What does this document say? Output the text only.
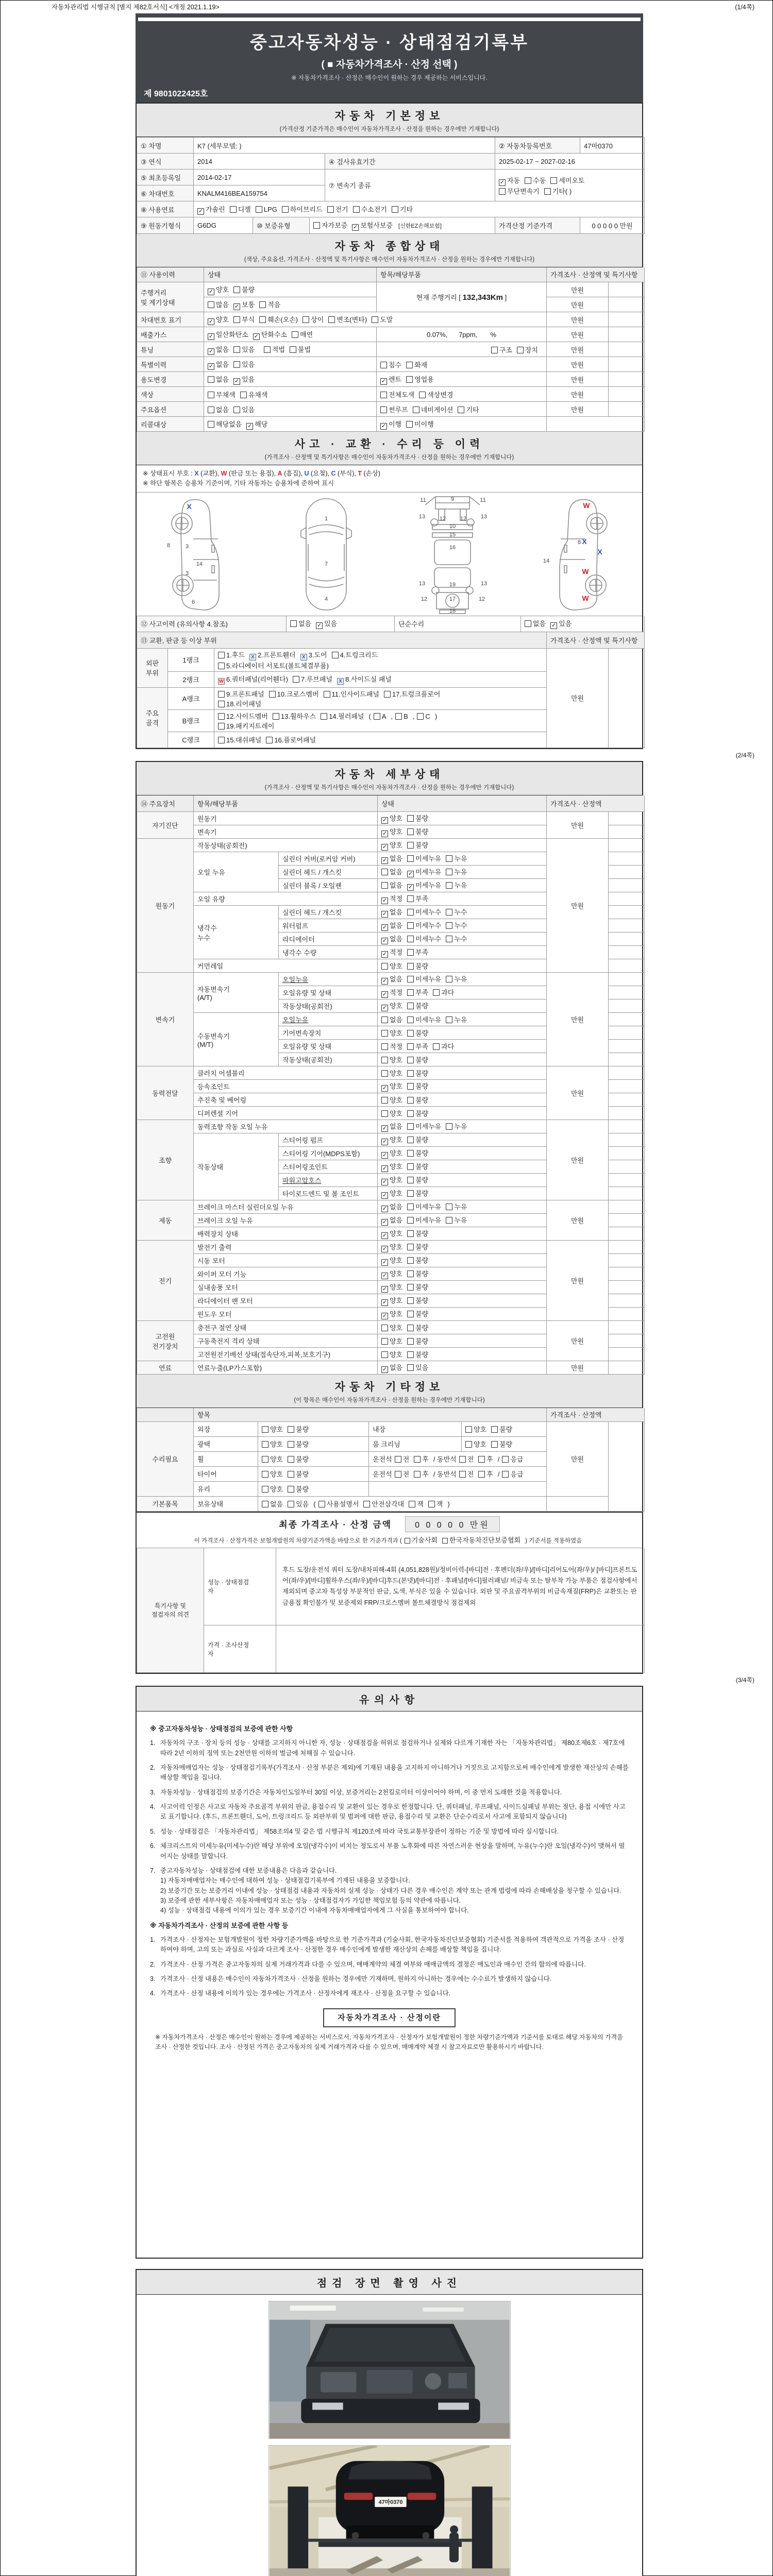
자동차관리법 시행규칙 [별지 제82호서식] <개정 2021.1.19>	(1/4쪽)
중고자동차성능 · 상태점검기록부
( ■ 자동차가격조사 · 산정 선택 )
※ 자동차가격조사 · 산정은 매수인이 원하는 경우 제공하는 서비스입니다.
제 9801022425호
자동차 기본정보
(가격산정 기준가격은 매수인이 자동차가격조사 · 산정을 원하는 경우에만 기재합니다)
① 차명	K7 (세부모델: )		② 자동차등록번호	47마0370
③ 연식	2014	④ 검사유효기간	2025-02-17 ~ 2027-02-16	
⑤ 최초등록일	2014-02-17	⑦ 변속기 종류	✓자동 수동 세미오토
무단변속기 기타( )
⑥ 차대번호	KNALM416BEA159754			
⑧ 사용연료	✓가솔린 디젤 LPG 하이브리드 전기 수소전기 기타
⑨ 원동기형식	G6DG	⑩ 보증유형	자가보증 ✓ 보험사보증 [신한EZ손해보험]	가격산정 기준가격	0 0 0 0 0 만원
자동차 종합상태
(색상, 주요옵션, 가격조사 · 산정액 및 특기사항은 매수인이 자동차가격조사 · 산정을 원하는 경우에만 기재합니다)
⑪ 사용이력	상태	항목/해당부품	가격조사 · 산정액 및 특기사항	
주행거리
및 계기상태	✓양호 불량	현재 주행거리 [ 132,343Km ]	만원	
	많음 ✓ 보통 적음		만원	
차대번호 표기	✓양호 부식 훼손(오손) 상이 변조(변타) 도말		만원	
배출가스	✓일산화탄소 ✓ 탄화수소 매연	0.07%,      7ppm,       %	만원	
튜닝	✓없음 있음 적법 불법	구조 장치	만원	
특별이력	✓없음 있음	침수 화재	만원	
용도변경	없음 ✓ 있음	✓렌트 영업용	만원	
색상	무채색 유채색	전체도색 색상변경	만원	
주요옵션	없음 있음	썬루프 네비게이션 기타	만원	
리콜대상	해당없음 ✓ 해당	✓이행 미이행	
사고 · 교환 · 수리 등 이력
(가격조사 · 산정액 및 특기사항은 매수인이 자동차가격조사 · 산정을 원하는 경우에만 기재합니다)
※ 상태표시 부호 : X (교환), W (판금 또는 용접), A (흠집), U (요철), C (부식), T (손상)
※ 하단 항목은 승용차 기준이며, 기타 자동차는 승용차에 준하여 표시
8	3
14
3
6
X
1
7
4
11	9	11
13	12	12	13
10
15
16
13	19	13
12	17	12
18
8
14
W
X
X
W
W
⑫ 사고이력 (유의사항 4.참조)	없음 ✓ 있음	단순수리	없음 ✓ 있음
⑬ 교환, 판금 등 이상 부위			가격조사 · 산정액 및 특기사항	
외판
부위	1랭크	1.후드 X 2.프론트휀더 X 3.도어 4.트렁크리드
5.라디에이터 서포트(볼트체결부품)	만원	
	2랭크	W 6.쿼터패널(리어휀다) 7.루브패널 X 8.사이드실 패널		
주요
골격	A랭크	9.프론트패널 10.크로스멤버 11.인사이드패널 17.트렁크플로어
18.리어패널		
	B랭크	12.사이드멤버 13.휠하우스 14.필러패널 ( A , B , C )
19.패키지트레이		
	C랭크	15.대쉬패널 16.플로어패널		
(2/4쪽)
자동차 세부상태
(가격조사 · 산정액 및 특기사항은 매수인이 자동차가격조사 · 산정을 원하는 경우에만 기재합니다)
⑭ 주요장치	항목/해당부품		상태	가격조사 · 산정액	
자기진단	원동기	✓양호 불량	만원	
	변속기	✓양호 불량	
원동기	작동상태(공회전)	✓양호 불량	만원	
	오일 누유	실린더 커버(로커암 커버)	✓없음 미세누유 누유	
		실린더 헤드 / 개스킷	없음 ✓ 미세누유 누유	
		실린더 블록 / 오일팬	없음 ✓ 미세누유 누유	
	오일 유량	✓적정 부족	
	냉각수
누수	실린더 헤드 / 개스킷	✓없음 미세누수 누수	
		워터펌프	✓없음 미세누수 누수	
		라디에이터	✓없음 미세누수 누수	
		냉각수 수량	✓적정 부족	
	커먼레일		양호 불량		
변속기	자동변속기
(A/T)	오일누유	✓없음 미세누유 누유	만원	
		오일유량 및 상태	✓적정 부족 과다	
		작동상태(공회전)	✓양호 불량	
	수동변속기
(M/T)	오일누유	없음 미세누유 누유		
		기어변속장치	양호 불량		
		오일유량 및 상태	적정 부족 과다		
		작동상태(공회전)	양호 불량		
동력전달	클러치 어셈블리		양호 불량	만원	
	등속조인트	✓양호 불량	
	추진축 및 베어링		양호 불량		
	디퍼렌셜 기어		양호 불량		
조향	동력조향 작동 오일 누유	✓없음 미세누유 누유	만원	
	작동상태	스티어링 펌프	✓양호 불량	
		스티어링 기어(MDPS포함)	✓양호 불량	
		스티어링조인트	✓양호 불량	
		파워고압호스	✓양호 불량	
		타이로드엔드 및 볼 조인트	✓양호 불량	
제동	브레이크 마스터 실린더오일 누유	✓없음 미세누유 누유	만원	
	브레이크 오일 누유	✓없음 미세누유 누유	
	배력장치 상태	✓양호 불량	
전기	발전기 출력	✓양호 불량	만원	
	시동 모터	✓양호 불량	
	와이퍼 모터 기능	✓양호 불량	
	실내송풍 모터	✓양호 불량	
	라디에이터 팬 모터	✓양호 불량	
	윈도우 모터	✓양호 불량	
고전원
전기장치	충전구 절연 상태		양호 불량	만원	
	구동축전지 격리 상태		양호 불량		
	고전원전기배선 상태(접속단자,피복,보호기구)		양호 불량		
연료	연료누출(LP가스포함)	✓없음 있음	만원	
자동차 기타정보
(이 항목은 매수인이 자동차가격조사 · 산정을 원하는 경우에만 기재합니다)
	항목				가격조사 · 산정액	
수리필요	외장	양호 불량	내장	양호 불량	만원	
	광택	양호 불량	룸 크리닝	양호 불량		
	휠	양호 불량	운전석 전 후 / 동반석 전 후 / 응급			
	타이어	양호 불량	운전석 전 후 / 동반석 전 후 / 응급			
	유리	양호 불량				
기본품목	보유상태	없음 있음 ( 사용설명서 안전삼각대 잭 잭 )				
최종 가격조사 · 산정 금액	0 0 0 0 0 만원
이 가격조사 · 산정가격은 보험개발원의 차량기준가액을 바탕으로 한 기준가격과 ( 기술사회 한국자동차진단보증협회 ) 기준서를 적용하였음
특기사항 및
점검자의 의견	성능 · 상태점검
자	후드 도장/운전석 쿼터 도장/내차피해-4회 (4,051,828원)/정비이력-[바디]전 · 후펜더(좌/우)/[바디]리어도어(좌/우)/ [바디]프론트도어(좌/우)/[바디]휠하우스(좌/우)/[바디]후드(본넷)/[바디]전 · 후패널/[바디]필러패널/ 비금속 또는 탈부착 가능 부품은 점검사항에서 제외되며 중고차 특성상 부분적인 판금, 도색, 부식은 있을 수 있습니다. 외판 및 주요골격부위의 비금속재질(FRP)은 교환또는 판금용접 확인불가 및 보증제외 FRP/크로스멤버 볼트체결방식 점검제외
	가격 · 조사산정
자	
(3/4쪽)
유의사항
※ 중고자동차성능 · 상태점검의 보증에 관한 사항
1. 자동차의 구조 · 장치 등의 성능 · 상태를 고지하지 아니한 자, 성능 · 상태점검을 허위로 점검하거나 실제와 다르게 기재한 자는 「자동차관리법」 제80조제6호 · 제7호에 따라 2년 이하의 징역 또는 2천만원 이하의 벌금에 처해질 수 있습니다.
2. 자동차매매업자는 성능 · 상태점검기록부(가격조사 · 산정 부분은 제외)에 기재된 내용을 고지하지 아니하거나 거짓으로 고지함으로써 매수인에게 발생한 재산상의 손해를 배상할 책임을 집니다.
3. 자동차성능 · 상태점검의 보증기간은 자동차인도일부터 30일 이상, 보증거리는 2천킬로미터 이상이어야 하며, 이 중 먼저 도래한 것을 적용합니다.
4. 사고이력 인정은 사고로 자동차 주요골격 부위의 판금, 용접수리 및 교환이 있는 경우로 한정합니다. 단, 쿼터패널, 루프패널, 사이드실패널 부위는 절단, 용접 시에만 사고로 표기합니다. (후드, 프론트휀더, 도어, 트렁크리드 등 외판부위 및 범퍼에 대한 판금, 용접수리 및 교환은 단순수리로서 사고에 포함되지 않습니다)
5. 성능 · 상태점검은 「자동차관리법」 제58조의4 및 같은 법 시행규칙 제120조에 따라 국토교통부장관이 정하는 기준 및 방법에 따라 실시합니다.
6. 체크리스트의 미세누유(미세누수)란 해당 부위에 오일(냉각수)이 비치는 정도로서 부품 노후화에 따른 자연스러운 현상을 말하며, 누유(누수)란 오일(냉각수)이 맺혀서 떨어지는 상태를 말합니다.
7. 중고자동차성능 · 상태점검에 대한 보증내용은 다음과 같습니다.
1) 자동차매매업자는 매수인에 대하여 성능 · 상태점검기록부에 기재된 내용을 보증합니다.
2) 보증기간 또는 보증거리 이내에 성능 · 상태점검 내용과 자동차의 실제 성능 · 상태가 다른 경우 매수인은 계약 또는 관계 법령에 따라 손해배상을 청구할 수 있습니다.
3) 보증에 관한 세부사항은 자동차매매업자 또는 성능 · 상태점검자가 가입한 책임보험 등의 약관에 따릅니다.
4) 성능 · 상태점검 내용에 이의가 있는 경우 보증기간 이내에 자동차매매업자에게 그 사실을 통보하여야 합니다.
※ 자동차가격조사 · 산정의 보증에 관한 사항 등
1. 가격조사 · 산정자는 보험개발원이 정한 차량기준가액을 바탕으로 한 기준가격과 (기술사회, 한국자동차진단보증협회) 기준서를 적용하여 객관적으로 가격을 조사 · 산정하여야 하며, 고의 또는 과실로 사실과 다르게 조사 · 산정한 경우 매수인에게 발생한 재산상의 손해를 배상할 책임을 집니다.
2. 가격조사 · 산정 가격은 중고자동차의 실제 거래가격과 다를 수 있으며, 매매계약의 체결 여부와 매매금액의 결정은 매도인과 매수인 간의 합의에 따릅니다.
3. 가격조사 · 산정 내용은 매수인이 자동차가격조사 · 산정을 원하는 경우에만 기재하며, 원하지 아니하는 경우에는 수수료가 발생하지 않습니다.
4. 가격조사 · 산정 내용에 이의가 있는 경우에는 가격조사 · 산정자에게 재조사 · 산정을 요구할 수 있습니다.
자동차가격조사 · 산정이란
※ 자동차가격조사 · 산정은 매수인이 원하는 경우에 제공하는 서비스로서, 자동차가격조사 · 산정자가 보험개발원이 정한 차량기준가액과 기준서를 토대로 해당 자동차의 가격을 조사 · 산정한 것입니다. 조사 · 산정된 가격은 중고자동차의 실제 거래가격과 다를 수 있으며, 매매계약 체결 시 참고자료로만 활용하시기 바랍니다.
점검 장면 촬영 사진
47마0370
